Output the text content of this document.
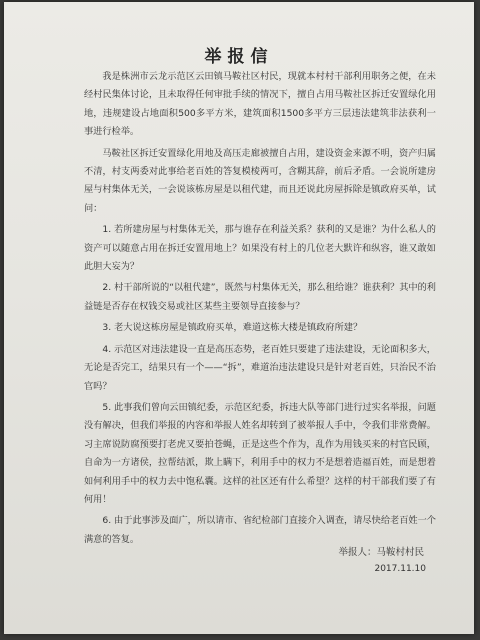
举报信

我是株洲市云龙示范区云田镇马鞍社区村民，现就本村村干部利用职务之便，在未经村民集体讨论，且未取得任何审批手续的情况下，擅自占用马鞍社区拆迁安置绿化用地，违规建设占地面积500多平方米，建筑面积1500多平方三层违法建筑非法获利一事进行检举。

马鞍社区拆迁安置绿化用地及高压走廊被擅自占用，建设资金来源不明，资产归属不清，村支两委对此事给老百姓的答复模棱两可，含糊其辞，前后矛盾。一会说所建房屋与村集体无关，一会说该栋房屋是以租代建，而且还说此房屋拆除是镇政府买单，试问：

1. 若所建房屋与村集体无关，那与谁存在利益关系？获利的又是谁？为什么私人的资产可以随意占用在拆迁安置用地上？如果没有村上的几位老大默许和纵容，谁又敢如此胆大妄为？

2. 村干部所说的“以租代建”，既然与村集体无关，那么租给谁？谁获利？其中的利益链是否存在权钱交易或社区某些主要领导直接参与？

3. 老大说这栋房屋是镇政府买单，难道这栋大楼是镇政府所建？

4. 示范区对违法建设一直是高压态势，老百姓只要建了违法建设，无论面积多大，无论是否完工，结果只有一个——“拆”，难道治违法建设只是针对老百姓，只治民不治官吗？

5. 此事我们曾向云田镇纪委，示范区纪委，拆违大队等部门进行过实名举报，问题没有解决，但我们举报的内容和举报人姓名却转到了被举报人手中，令我们非常费解。习主席说防腐预要打老虎又要拍苍蝇，正是这些个作为，乱作为用钱买来的村官民顾，自命为一方诸侯，拉帮结派，欺上瞒下，利用手中的权力不是想着造福百姓，而是想着如何利用手中的权力去中饱私囊。这样的社区还有什么希望？这样的村干部我们要了有何用！

6. 由于此事涉及面广，所以请市、省纪检部门直接介入调查，请尽快给老百姓一个满意的答复。

举报人：马鞍村村民
2017.11.10
